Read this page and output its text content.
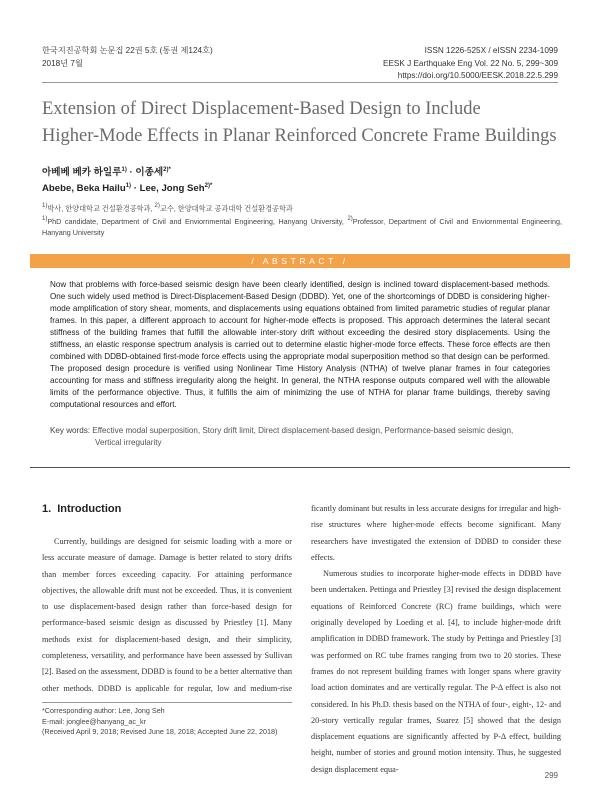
한국지진공학회 논문집 22권 5호 (통권 제124호)
2018년 7월
ISSN 1226-525X / eISSN 2234-1099
EESK J Earthquake Eng Vol. 22 No. 5, 299~309
https://doi.org/10.5000/EESK.2018.22.5.299
Extension of Direct Displacement-Based Design to Include
Higher-Mode Effects in Planar Reinforced Concrete Frame Buildings
아베베 베카 하일루$^{1)}$ · 이종세$^{2)*}$
Abebe, Beka Hailu$^{1)}$ · Lee, Jong Seh$^{2)*}$
$^{1)}$박사, 한양대학교 건설환경공학과, $^{2)}$교수, 한양대학교 공과대학 건설환경공학과
$^{1)}$PhD candidate, Department of Civil and Enviornmental Engineering, Hanyang University, $^{2)}$Professor, Department of Civil and Enviornmental Engineering,
Hanyang University
/ ABSTRACT /
Now that problems with force-based seismic design have been clearly identified, design is inclined toward displacement-based methods. One such widely used method is Direct-Displacement-Based Design (DDBD). Yet, one of the shortcomings of DDBD is considering higher-mode amplification of story shear, moments, and displacements using equations obtained from limited parametric studies of regular planar frames. In this paper, a different approach to account for higher-mode effects is proposed. This approach determines the lateral secant stiffness of the building frames that fulfill the allowable inter-story drift without exceeding the desired story displacements. Using the stiffness, an elastic response spectrum analysis is carried out to determine elastic higher-mode force effects. These force effects are then combined with DDBD-obtained first-mode force effects using the appropriate modal superposition method so that design can be performed. The proposed design procedure is verified using Nonlinear Time History Analysis (NTHA) of twelve planar frames in four categories accounting for mass and stiffness irregularity along the height. In general, the NTHA response outputs compared well with the allowable limits of the performance objective. Thus, it fulfills the aim of minimizing the use of NTHA for planar frame buildings, thereby saving computational resources and effort.
Key words: Effective modal superposition, Story drift limit, Direct displacement-based design, Performance-based seismic design,
Vertical irregularity
1. Introduction

Currently, buildings are designed for seismic loading with a more or less accurate measure of damage. Damage is better related to story drifts than member forces exceeding capacity. For attaining performance objectives, the allowable drift must not be exceeded. Thus, it is convenient to use displacement-based design rather than force-based design for performance-based seismic design as discussed by Priestley [1]. Many methods exist for displacement-based design, and their simplicity, completeness, versatility, and performance have been assessed by Sullivan [2]. Based on the assessment, DDBD is found to be a better alternative than other methods. DDBD is applicable for regular, low and medium-rise

ficantly dominant but results in less accurate designs for irregular and high-rise structures where higher-mode effects become significant. Many researchers have investigated the extension of DDBD to consider these effects.

Numerous studies to incorporate higher-mode effects in DDBD have been undertaken. Pettinga and Priestley [3] revised the design displacement equations of Reinforced Concrete (RC) frame buildings, which were originally developed by Loeding et al. [4], to include higher-mode drift amplification in DDBD framework. The study by Pettinga and Priestley [3] was performed on RC tube frames ranging from two to 20 stories. These frames do not represent building frames with longer spans where gravity load action dominates and are vertically regular. The P-Δ effect is also not considered. In his Ph.D. thesis based on the NTHA of four-, eight-, 12- and 20-story vertically regular frames, Suarez [5] showed that the design displacement equations are significantly affected by P-Δ effect, building height, number of stories and ground motion intensity. Thus, he suggested design displacement equa-

*Corresponding author: Lee, Jong Seh
E-mail: jonglee@hanyang_ac_kr
(Received April 9, 2018; Revised June 18, 2018; Accepted June 22, 2018)
299
